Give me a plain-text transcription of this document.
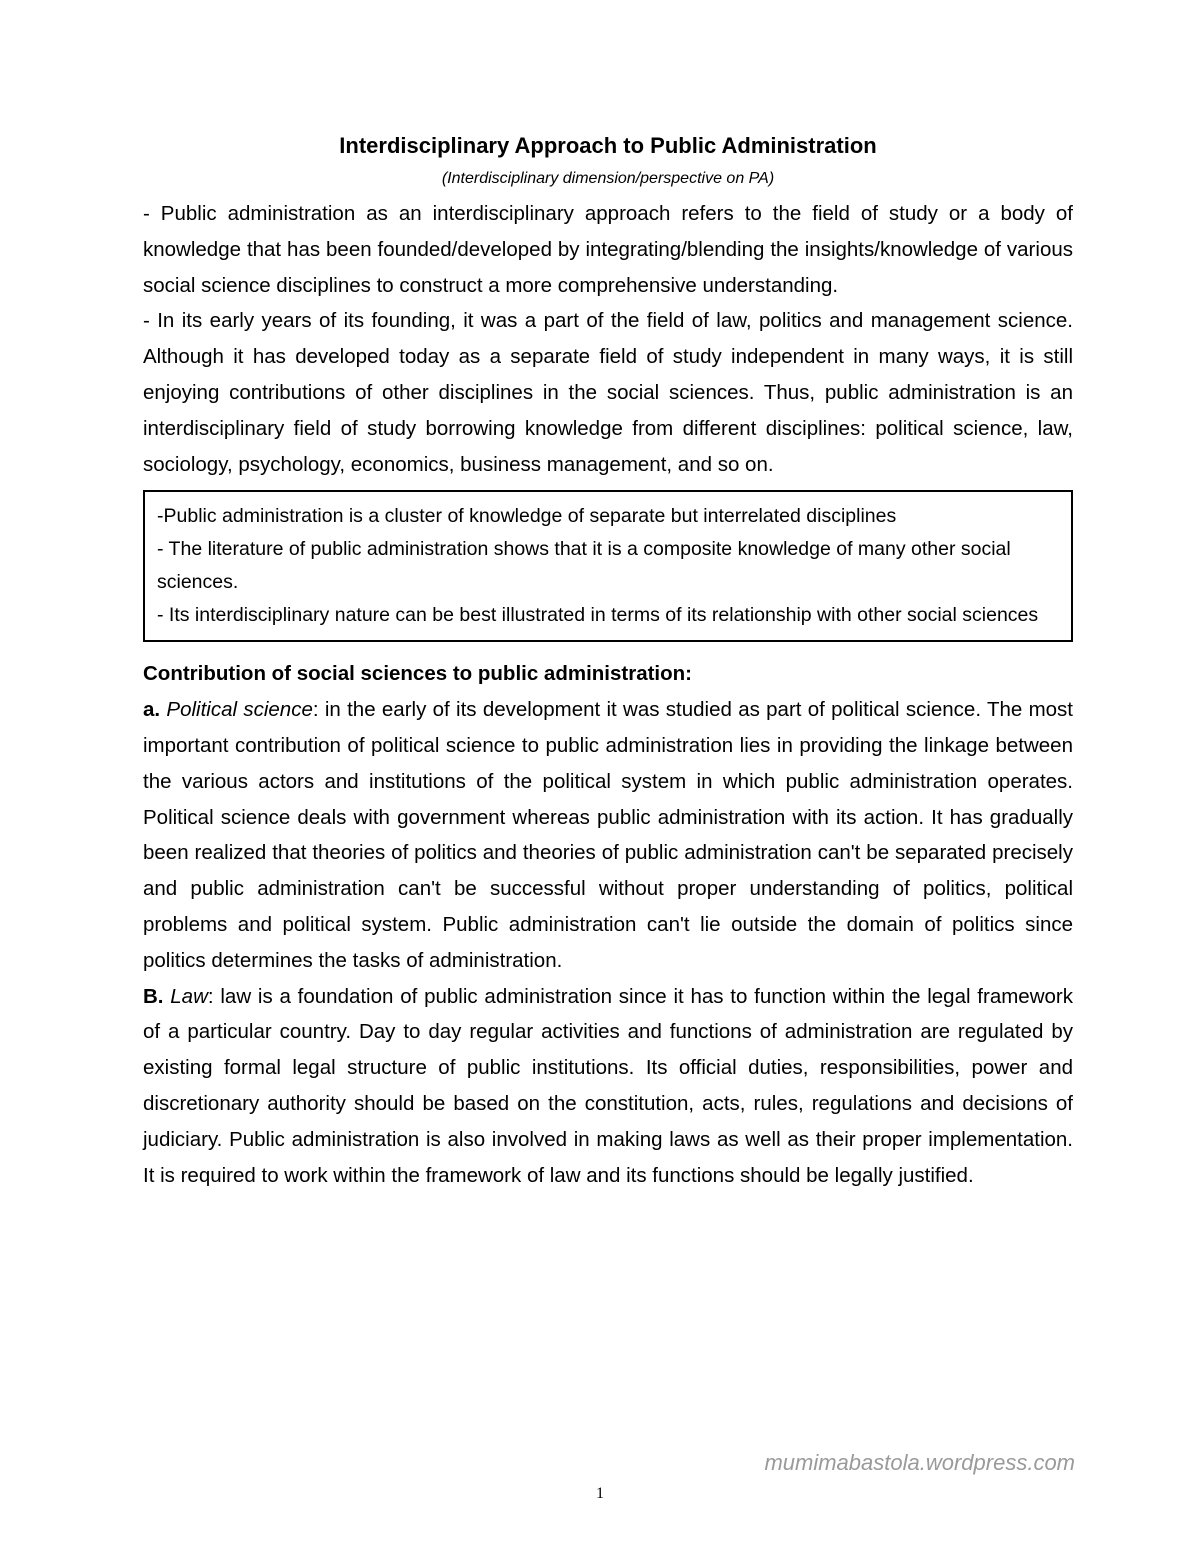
Interdisciplinary Approach to Public Administration

(Interdisciplinary dimension/perspective on PA)

- Public administration as an interdisciplinary approach refers to the field of study or a body of knowledge that has been founded/developed by integrating/blending the insights/knowledge of various social science disciplines to construct a more comprehensive understanding.

- In its early years of its founding, it was a part of the field of law, politics and management science. Although it has developed today as a separate field of study independent in many ways, it is still enjoying contributions of other disciplines in the social sciences. Thus, public administration is an interdisciplinary field of study borrowing knowledge from different disciplines: political science, law, sociology, psychology, economics, business management, and so on.

-Public administration is a cluster of knowledge of separate but interrelated disciplines

- The literature of public administration shows that it is a composite knowledge of many other social sciences.

- Its interdisciplinary nature can be best illustrated in terms of its relationship with other social sciences

Contribution of social sciences to public administration:

a. Political science: in the early of its development it was studied as part of political science. The most important contribution of political science to public administration lies in providing the linkage between the various actors and institutions of the political system in which public administration operates. Political science deals with government whereas public administration with its action. It has gradually been realized that theories of politics and theories of public administration can't be separated precisely and public administration can't be successful without proper understanding of politics, political problems and political system. Public administration can't lie outside the domain of politics since politics determines the tasks of administration.

B. Law: law is a foundation of public administration since it has to function within the legal framework of a particular country. Day to day regular activities and functions of administration are regulated by existing formal legal structure of public institutions. Its official duties, responsibilities, power and discretionary authority should be based on the constitution, acts, rules, regulations and decisions of judiciary. Public administration is also involved in making laws as well as their proper implementation. It is required to work within the framework of law and its functions should be legally justified.

mumimabastola.wordpress.com
1
